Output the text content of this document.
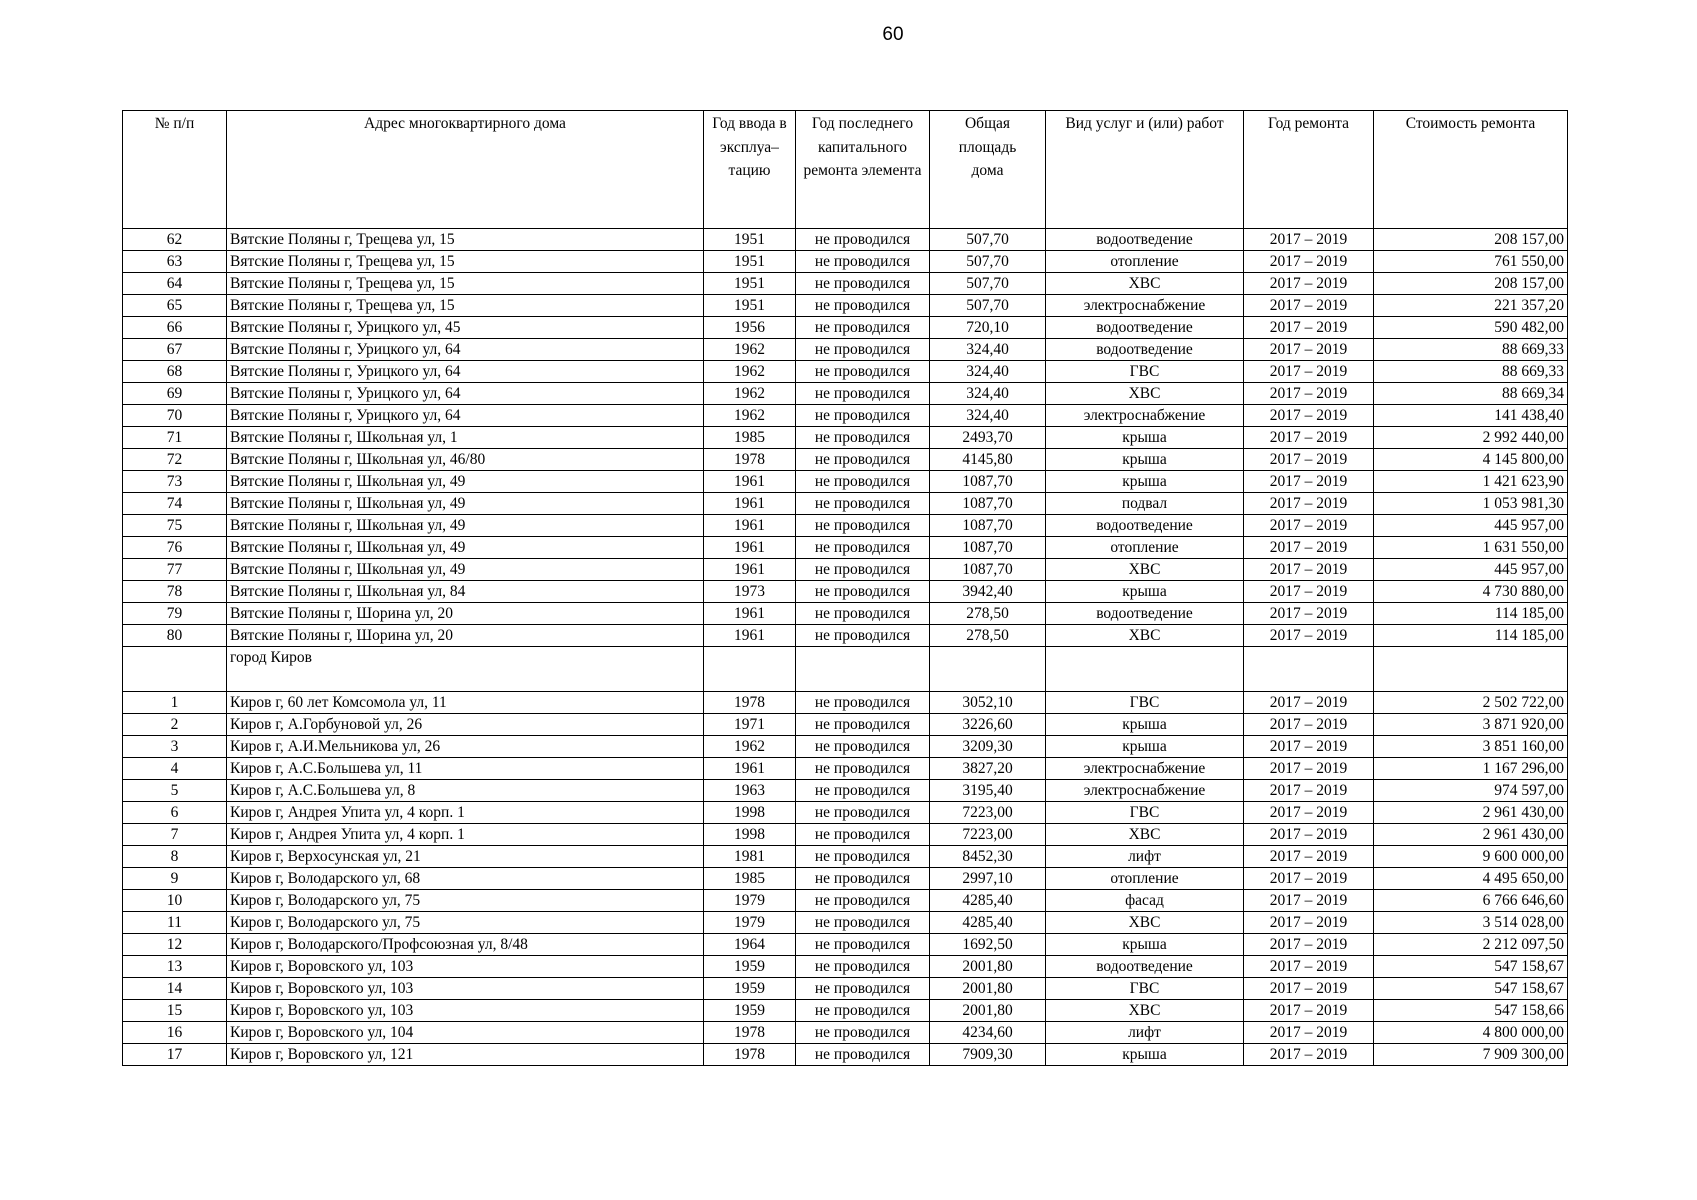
60
№ п/п	Адрес многоквартирного дома	Год ввода в эксплуа–тацию	Год последнего капитального ремонта элемента	Общая площадь дома	Вид услуг и (или) работ	Год ремонта	Стоимость ремонта
62	Вятские Поляны г, Трещева ул, 15	1951	не проводился	507,70	водоотведение	2017 – 2019	208 157,00
63	Вятские Поляны г, Трещева ул, 15	1951	не проводился	507,70	отопление	2017 – 2019	761 550,00
64	Вятские Поляны г, Трещева ул, 15	1951	не проводился	507,70	ХВС	2017 – 2019	208 157,00
65	Вятские Поляны г, Трещева ул, 15	1951	не проводился	507,70	электроснабжение	2017 – 2019	221 357,20
66	Вятские Поляны г, Урицкого ул, 45	1956	не проводился	720,10	водоотведение	2017 – 2019	590 482,00
67	Вятские Поляны г, Урицкого ул, 64	1962	не проводился	324,40	водоотведение	2017 – 2019	88 669,33
68	Вятские Поляны г, Урицкого ул, 64	1962	не проводился	324,40	ГВС	2017 – 2019	88 669,33
69	Вятские Поляны г, Урицкого ул, 64	1962	не проводился	324,40	ХВС	2017 – 2019	88 669,34
70	Вятские Поляны г, Урицкого ул, 64	1962	не проводился	324,40	электроснабжение	2017 – 2019	141 438,40
71	Вятские Поляны г, Школьная ул, 1	1985	не проводился	2493,70	крыша	2017 – 2019	2 992 440,00
72	Вятские Поляны г, Школьная ул, 46/80	1978	не проводился	4145,80	крыша	2017 – 2019	4 145 800,00
73	Вятские Поляны г, Школьная ул, 49	1961	не проводился	1087,70	крыша	2017 – 2019	1 421 623,90
74	Вятские Поляны г, Школьная ул, 49	1961	не проводился	1087,70	подвал	2017 – 2019	1 053 981,30
75	Вятские Поляны г, Школьная ул, 49	1961	не проводился	1087,70	водоотведение	2017 – 2019	445 957,00
76	Вятские Поляны г, Школьная ул, 49	1961	не проводился	1087,70	отопление	2017 – 2019	1 631 550,00
77	Вятские Поляны г, Школьная ул, 49	1961	не проводился	1087,70	ХВС	2017 – 2019	445 957,00
78	Вятские Поляны г, Школьная ул, 84	1973	не проводился	3942,40	крыша	2017 – 2019	4 730 880,00
79	Вятские Поляны г, Шорина ул, 20	1961	не проводился	278,50	водоотведение	2017 – 2019	114 185,00
80	Вятские Поляны г, Шорина ул, 20	1961	не проводился	278,50	ХВС	2017 – 2019	114 185,00
	город Киров						
1	Киров г, 60 лет Комсомола ул, 11	1978	не проводился	3052,10	ГВС	2017 – 2019	2 502 722,00
2	Киров г, А.Горбуновой ул, 26	1971	не проводился	3226,60	крыша	2017 – 2019	3 871 920,00
3	Киров г, А.И.Мельникова ул, 26	1962	не проводился	3209,30	крыша	2017 – 2019	3 851 160,00
4	Киров г, А.С.Большева ул, 11	1961	не проводился	3827,20	электроснабжение	2017 – 2019	1 167 296,00
5	Киров г, А.С.Большева ул, 8	1963	не проводился	3195,40	электроснабжение	2017 – 2019	974 597,00
6	Киров г, Андрея Упита ул, 4 корп. 1	1998	не проводился	7223,00	ГВС	2017 – 2019	2 961 430,00
7	Киров г, Андрея Упита ул, 4 корп. 1	1998	не проводился	7223,00	ХВС	2017 – 2019	2 961 430,00
8	Киров г, Верхосунская ул, 21	1981	не проводился	8452,30	лифт	2017 – 2019	9 600 000,00
9	Киров г, Володарского ул, 68	1985	не проводился	2997,10	отопление	2017 – 2019	4 495 650,00
10	Киров г, Володарского ул, 75	1979	не проводился	4285,40	фасад	2017 – 2019	6 766 646,60
11	Киров г, Володарского ул, 75	1979	не проводился	4285,40	ХВС	2017 – 2019	3 514 028,00
12	Киров г, Володарского/Профсоюзная ул, 8/48	1964	не проводился	1692,50	крыша	2017 – 2019	2 212 097,50
13	Киров г, Воровского ул, 103	1959	не проводился	2001,80	водоотведение	2017 – 2019	547 158,67
14	Киров г, Воровского ул, 103	1959	не проводился	2001,80	ГВС	2017 – 2019	547 158,67
15	Киров г, Воровского ул, 103	1959	не проводился	2001,80	ХВС	2017 – 2019	547 158,66
16	Киров г, Воровского ул, 104	1978	не проводился	4234,60	лифт	2017 – 2019	4 800 000,00
17	Киров г, Воровского ул, 121	1978	не проводился	7909,30	крыша	2017 – 2019	7 909 300,00
